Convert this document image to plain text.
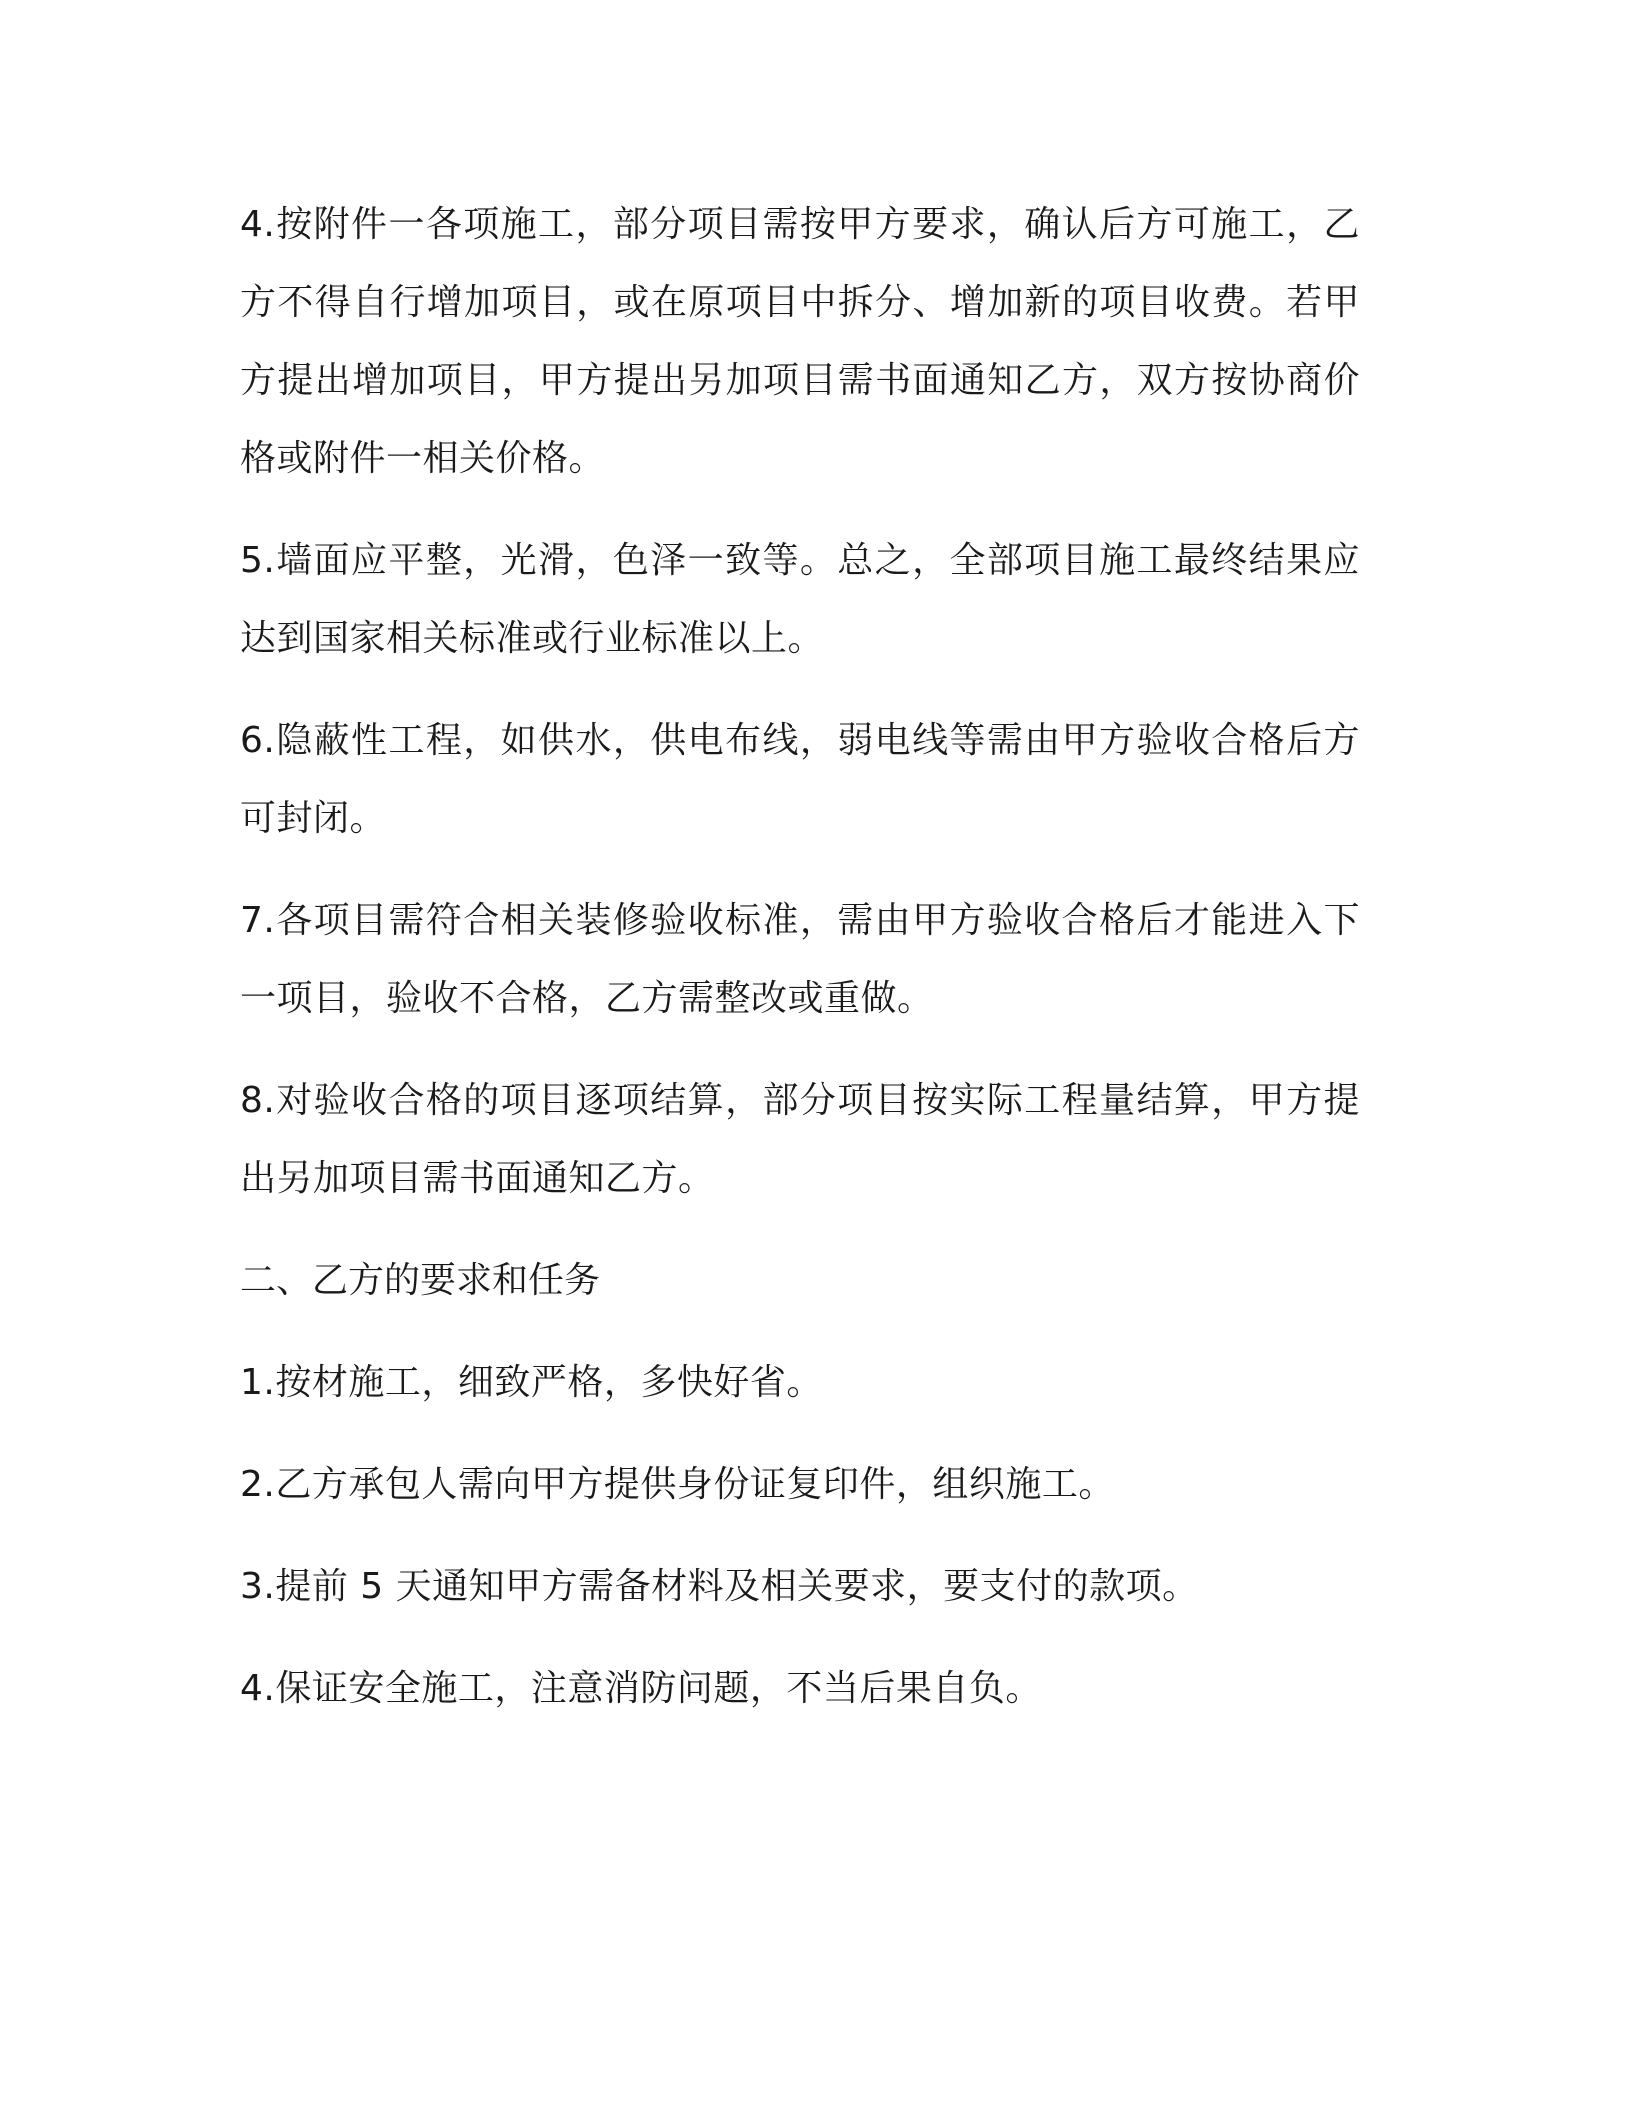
4.按附件一各项施工，部分项目需按甲方要求，确认后方可施工，乙方不得自行增加项目，或在原项目中拆分、增加新的项目收费。若甲方提出增加项目，甲方提出另加项目需书面通知乙方，双方按协商价格或附件一相关价格。

5.墙面应平整，光滑，色泽一致等。总之，全部项目施工最终结果应达到国家相关标准或行业标准以上。

6.隐蔽性工程，如供水，供电布线，弱电线等需由甲方验收合格后方可封闭。

7.各项目需符合相关装修验收标准，需由甲方验收合格后才能进入下一项目，验收不合格，乙方需整改或重做。

8.对验收合格的项目逐项结算，部分项目按实际工程量结算，甲方提出另加项目需书面通知乙方。

二、乙方的要求和任务

1.按材施工，细致严格，多快好省。

2.乙方承包人需向甲方提供身份证复印件，组织施工。

3.提前 5 天通知甲方需备材料及相关要求，要支付的款项。

4.保证安全施工，注意消防问题，不当后果自负。
